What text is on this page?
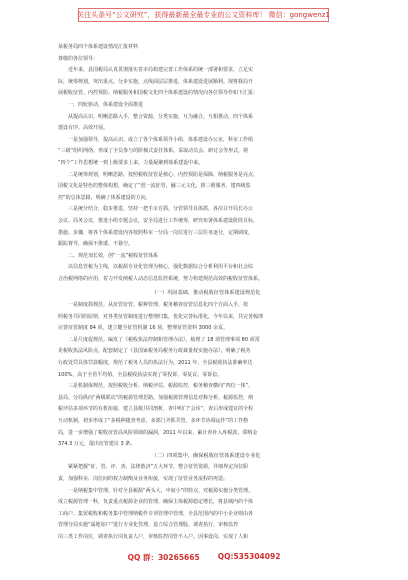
关注头条号“公文研究”，获得最新最全最专业的公文资料库！ 微信：gongwenz1
某税务局四个体系建设情况汇报材料
尊敬的各位领导：
近年来，县国税局认真贯彻落实省市局构建完善工作体系的统一部署和要求，立足实
际，统筹规划，突出重点，分步实施，点线面层层推进，体系建设进展顺利。现将我局开
展税收征管、内控预防、纳税服务和国税文化四个体系建设的情况向各位领导作如下汇报：
一、四轮驱动，体系建设全面推进
从提高认识，明晰思路入手，整合资源，分类实施，互为融合，互相推动，四个体系
建设有序、高效开展。
一是加强领导，提高认识。成立了各个体系领导小组、体系建设办公室，科室工作组
“三级”组织网络，形成了全员参与的阶梯式责任体系。采取动员会、研讨会等形式，将
“四个”工作思想统一到上级要求上来，力量凝聚到体系建设中来。
二是统筹规划，明晰思路。按照税收征管是核心、内控预防是保障、纳税服务是亮点、
国税文化是特色的整体构想，确定了“创一流征管，融三元文化，推三维服务，建四级监
控”的总体思路，明确了体系建设的方向。
三是统分结合，稳步推进。坚持一把手亲自抓，分管领导具体抓，各次召开局长办公
会议、局务会议，推进小组专题会议，安全局进行工作统筹，研究布署体系建设阶段目标，
措施、步骤，将各个体系建设内容按照科室一分局一岗位进行三层任务逐分，定期调度，
跟踪督导，确保不推诿、不悬空。
二、规范加长效，创“一流”税收征管体系
以信息管税为主线，以税源专业化管理为核心，强化数据综合分析利用平台和社会综
合治税网络的应用，着力开发纳税人动态信息监控系统，努力构建规范高效的税收征管体系。
（一）巩固基础，推动税收征管体系建设规范化
一是制度抓规范。从征管征管、税种管理、税务稽查征管信息化四个方面入手，按
照税务共同的原则，对各类征管制度进行整理归集，优化完善标准化，今年以来，共完善梳理
完善征管制度 84 项，建立健全征管机制 16 项，整理征管资料 3000 余页。
二是尺度促规范。编发了《税收执法控制和管理办法》，梳理了 18 项管理事项 80 项常
见税收执法风险点，配套制定了《县国家税务局税务行政裁量权实施办法》，明确了税务
行政处罚具体罚款幅度，规范了税务人员的执法行为。2011 年，全县税收执法准确率达
100%，高于全省平均值。全县税收执法实现了零投诉、零复议、零诉讼。
三是机制保规范。按照税收分析、纳税评估、税源监控、税务稽查横向“四位一体”、
县局、分局纵向“两级联动”的税源管理思路，加强税源管理信息对称分析、税源监控，纳
税评估多项环节的有机衔接，建立县级共同剖析，查中明门“会诊”，查后形成建议的全程
互动机制，初步形成了“多税种捷查考虑，多部门齐抓共管，多环节协调运作”的工作格
局，进一步增强了税收征管高风险领域的漏洞，2011 年以来，累计查补入库税款，滞纳金
374.3 万元，提出征管建议 3 条。
（二）四项集中，确保税收征管体系建设专业化
紧紧把握“征、管、评、查、法律救济”五大环节，整合征管资源，详细界定岗位职
责，加强科室、岗位间的权力制衡及业务衔接，实现了征管业务流程的再造。
一是纳税集中管理。针对全县税源“两头大、中间小”的特点，对税源实施分类管理。
成立税源管理一科，负责重点税源企业的管理，确保主体税源稳定增长，将县城内的个体
工商户、集贸税收和税务集中管理纳税作专项管理中管理，全县范围内的中小企业则由各
管理分局实施“属地加户”进行专业化管理。设立综合管理股，调查执行，审核监控
岗三类工作岗位，调查执行岗负责人户，审核监控岗管不入户。因事设岗，实现了人和
QQ 群：30265665 QQ:535304092
